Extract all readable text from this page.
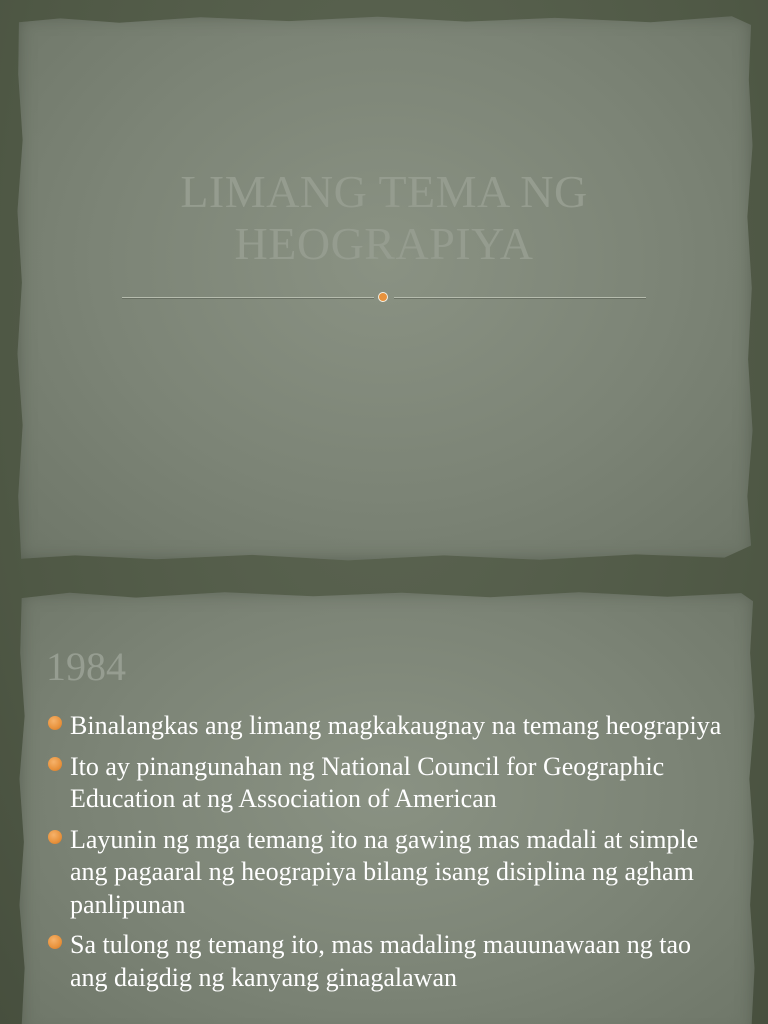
LIMANG TEMA NG
HEOGRAPIYA
1984
Binalangkas ang limang magkakaugnay na temang heograpiya
Ito ay pinangunahan ng National Council for Geographic Education at ng Association of American
Layunin ng mga temang ito na gawing mas madali at simple ang pagaaral ng heograpiya bilang isang disiplina ng agham panlipunan
Sa tulong ng temang ito, mas madaling mauunawaan ng tao ang daigdig ng kanyang ginagalawan
